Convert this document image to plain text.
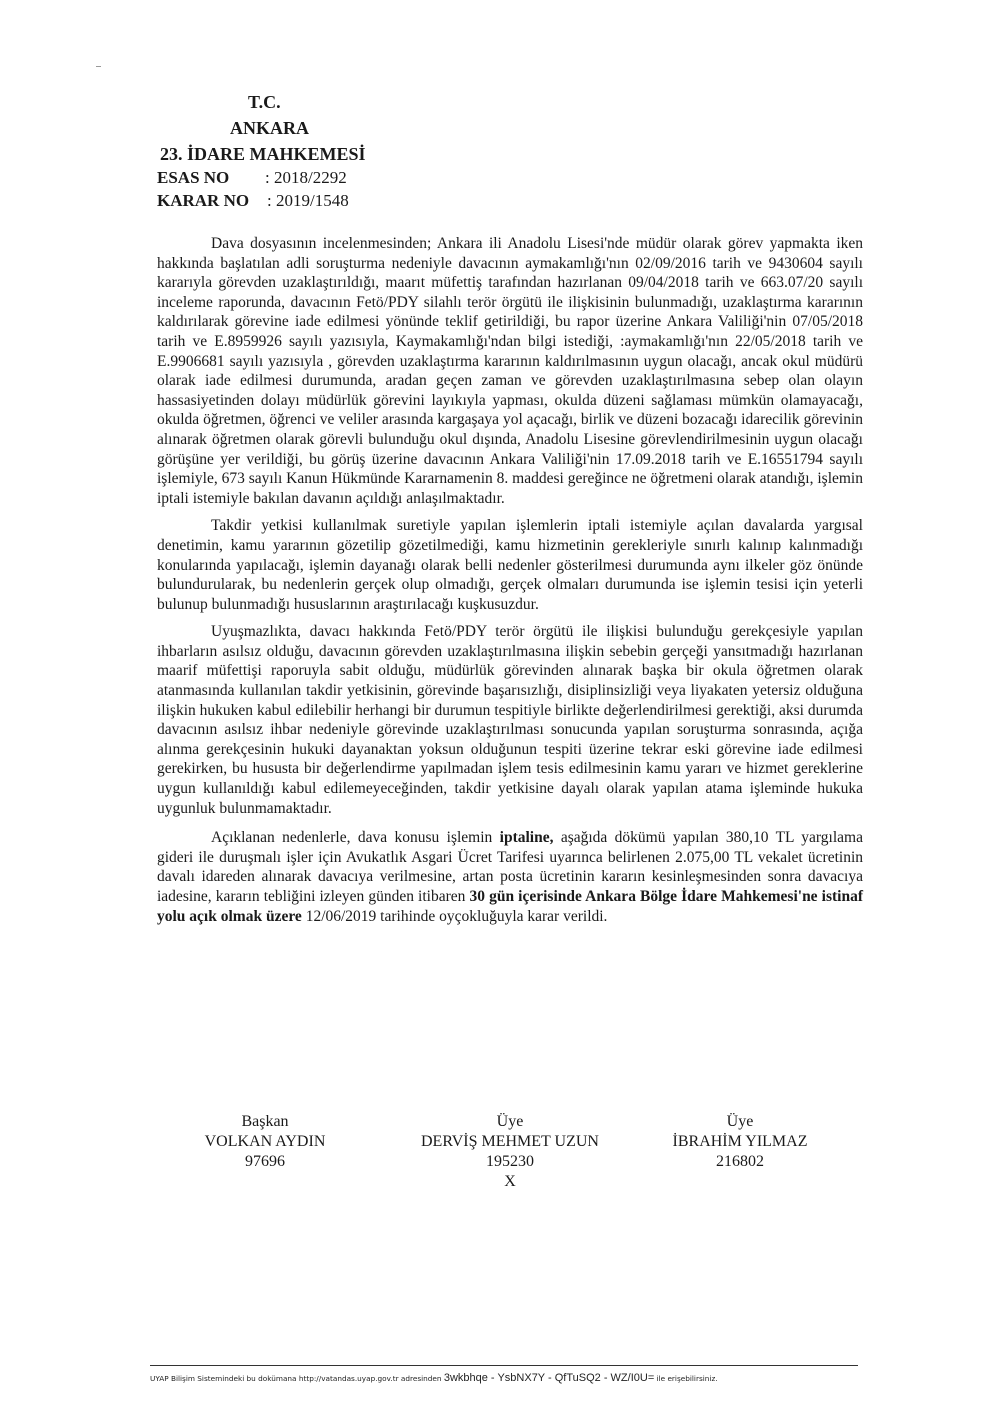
T.C.
ANKARA
23. İDARE MAHKEMESİ
ESAS NO : 2018/2292
KARAR NO : 2019/1548

Dava dosyasının incelenmesinden; Ankara ili Anadolu Lisesi'nde müdür olarak görev yapmakta iken hakkında başlatılan adli soruşturma nedeniyle davacının aymakamlığı'nın 02/09/2016 tarih ve 9430604 sayılı kararıyla görevden uzaklaştırıldığı, maarıt müfettiş tarafından hazırlanan 09/04/2018 tarih ve 663.07/20 sayılı inceleme raporunda, davacının Fetö/PDY silahlı terör örgütü ile ilişkisinin bulunmadığı, uzaklaştırma kararının kaldırılarak görevine iade edilmesi yönünde teklif getirildiği, bu rapor üzerine Ankara Valiliği'nin 07/05/2018 tarih ve E.8959926 sayılı yazısıyla, Kaymakamlığı'ndan bilgi istediği, :aymakamlığı'nın 22/05/2018 tarih ve E.9906681 sayılı yazısıyla , görevden uzaklaştırma kararının kaldırılmasının uygun olacağı, ancak okul müdürü olarak iade edilmesi durumunda, aradan geçen zaman ve görevden uzaklaştırılmasına sebep olan olayın hassasiyetinden dolayı müdürlük görevini layıkıyla yapması, okulda düzeni sağlaması mümkün olamayacağı, okulda öğretmen, öğrenci ve veliler arasında kargaşaya yol açacağı, birlik ve düzeni bozacağı idarecilik görevinin alınarak öğretmen olarak görevli bulunduğu okul dışında, Anadolu Lisesine görevlendirilmesinin uygun olacağı görüşüne yer verildiği, bu görüş üzerine davacının Ankara Valiliği'nin 17.09.2018 tarih ve E.16551794 sayılı işlemiyle, 673 sayılı Kanun Hükmünde Kararnamenin 8. maddesi gereğince ne öğretmeni olarak atandığı, işlemin iptali istemiyle bakılan davanın açıldığı anlaşılmaktadır.

Takdir yetkisi kullanılmak suretiyle yapılan işlemlerin iptali istemiyle açılan davalarda yargısal denetimin, kamu yararının gözetilip gözetilmediği, kamu hizmetinin gerekleriyle sınırlı kalınıp kalınmadığı konularında yapılacağı, işlemin dayanağı olarak belli nedenler gösterilmesi durumunda aynı ilkeler göz önünde bulundurularak, bu nedenlerin gerçek olup olmadığı, gerçek olmaları durumunda ise işlemin tesisi için yeterli bulunup bulunmadığı hususlarının araştırılacağı kuşkusuzdur.

Uyuşmazlıkta, davacı hakkında Fetö/PDY terör örgütü ile ilişkisi bulunduğu gerekçesiyle yapılan ihbarların asılsız olduğu, davacının görevden uzaklaştırılmasına ilişkin sebebin gerçeği yansıtmadığı hazırlanan maarif müfettişi raporuyla sabit olduğu, müdürlük görevinden alınarak başka bir okula öğretmen olarak atanmasında kullanılan takdir yetkisinin, görevinde başarısızlığı, disiplinsizliği veya liyakaten yetersiz olduğuna ilişkin hukuken kabul edilebilir herhangi bir durumun tespitiyle birlikte değerlendirilmesi gerektiği, aksi durumda davacının asılsız ihbar nedeniyle görevinde uzaklaştırılması sonucunda yapılan soruşturma sonrasında, açığa alınma gerekçesinin hukuki dayanaktan yoksun olduğunun tespiti üzerine tekrar eski görevine iade edilmesi gerekirken, bu hususta bir değerlendirme yapılmadan işlem tesis edilmesinin kamu yararı ve hizmet gereklerine uygun kullanıldığı kabul edilemeyeceğinden, takdir yetkisine dayalı olarak yapılan atama işleminde hukuka uygunluk bulunmamaktadır.

Açıklanan nedenlerle, dava konusu işlemin iptaline, aşağıda dökümü yapılan 380,10 TL yargılama gideri ile duruşmalı işler için Avukatlık Asgari Ücret Tarifesi uyarınca belirlenen 2.075,00 TL vekalet ücretinin davalı idareden alınarak davacıya verilmesine, artan posta ücretinin kararın kesinleşmesinden sonra davacıya iadesine, kararın tebliğini izleyen günden itibaren 30 gün içerisinde Ankara Bölge İdare Mahkemesi'ne istinaf yolu açık olmak üzere 12/06/2019 tarihinde oyçokluğuyla karar verildi.

Başkan
VOLKAN AYDIN
97696
Üye
DERVİŞ MEHMET UZUN
195230
X
Üye
İBRAHİM YILMAZ
216802
UYAP Bilişim Sistemindeki bu dokümana http://vatandas.uyap.gov.tr adresinden 3wkbhqe - YsbNX7Y - QfTuSQ2 - WZ/I0U= ile erişebilirsiniz.
